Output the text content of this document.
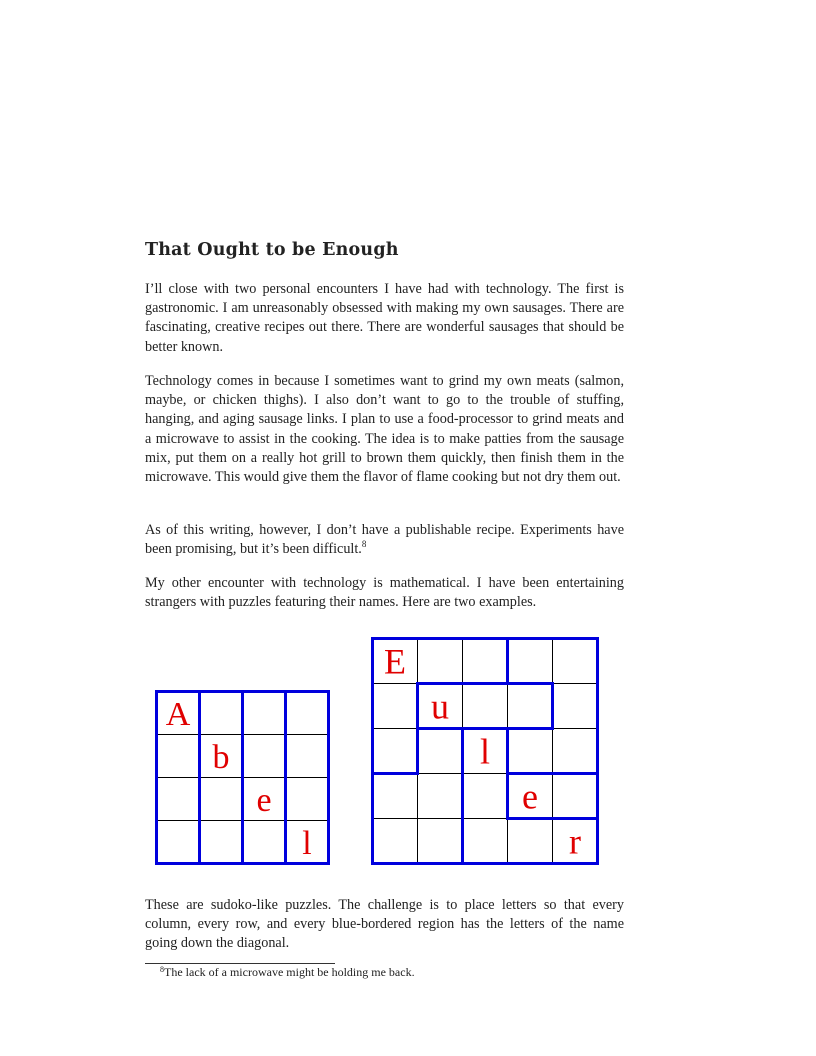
That Ought to be Enough

I’ll close with two personal encounters I have had with technology. The first is gastronomic. I am unreasonably obsessed with making my own sausages. There are fascinating, creative recipes out there. There are wonderful sausages that should be better known.

Technology comes in because I sometimes want to grind my own meats (salmon, maybe, or chicken thighs). I also don’t want to go to the trouble of stuffing, hanging, and aging sausage links. I plan to use a food-processor to grind meats and a microwave to assist in the cooking. The idea is to make patties from the sausage mix, put them on a really hot grill to brown them quickly, then finish them in the microwave. This would give them the flavor of flame cooking but not dry them out.

As of this writing, however, I don’t have a publishable recipe. Experiments have been promising, but it’s been difficult.$^8$

My other encounter with technology is mathematical. I have been entertaining strangers with puzzles featuring their names. Here are two examples.

A
b
e
l
E
u
l
e
r

These are sudoko-like puzzles. The challenge is to place letters so that every column, every row, and every blue-bordered region has the letters of the name going down the diagonal.

$^8$The lack of a microwave might be holding me back.
